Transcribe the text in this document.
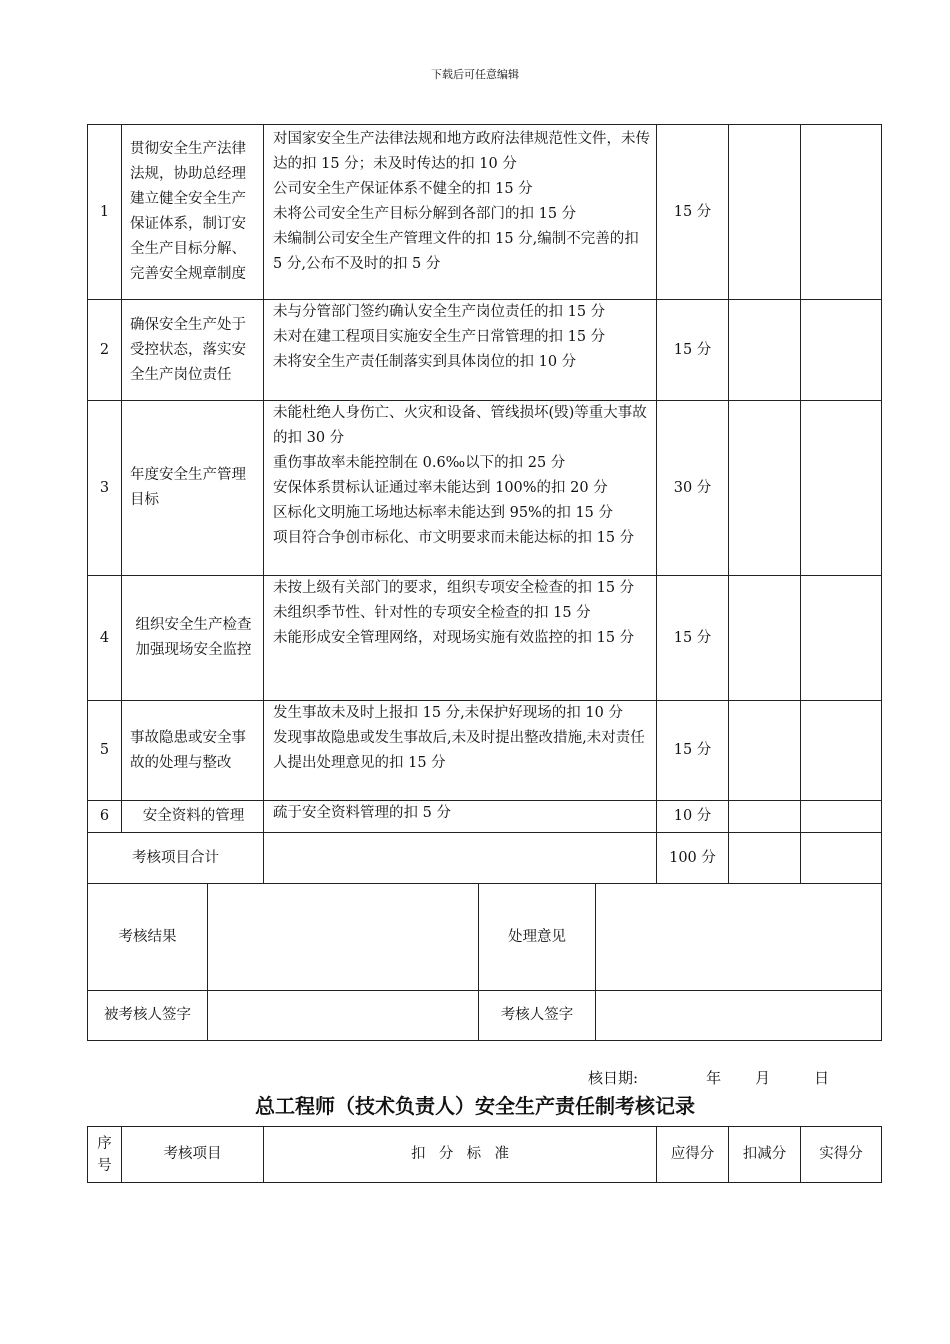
下载后可任意编辑
1	贯彻安全生产法律法规，协助总经理建立健全安全生产保证体系，制订安全生产目标分解、完善安全规章制度	对国家安全生产法律法规和地方政府法律规范性文件，未传达的扣 15 分；未及时传达的扣 10 分
公司安全生产保证体系不健全的扣 15 分
未将公司安全生产目标分解到各部门的扣 15 分
未编制公司安全生产管理文件的扣 15 分,编制不完善的扣 5 分,公布不及时的扣 5 分	15 分		
2	确保安全生产处于受控状态，落实安全生产岗位责任	未与分管部门签约确认安全生产岗位责任的扣 15 分
未对在建工程项目实施安全生产日常管理的扣 15 分
未将安全生产责任制落实到具体岗位的扣 10 分	15 分		
3	年度安全生产管理目标	未能杜绝人身伤亡、火灾和设备、管线损坏(毁)等重大事故的扣 30 分
重伤事故率未能控制在 0.6‰以下的扣 25 分
安保体系贯标认证通过率未能达到 100%的扣 20 分
区标化文明施工场地达标率未能达到 95%的扣 15 分
项目符合争创市标化、市文明要求而未能达标的扣 15 分	30 分		
4	组织安全生产检查加强现场安全监控	未按上级有关部门的要求，组织专项安全检查的扣 15 分
未组织季节性、针对性的专项安全检查的扣 15 分
未能形成安全管理网络，对现场实施有效监控的扣 15 分	15 分		
5	事故隐患或安全事故的处理与整改	发生事故未及时上报扣 15 分,未保护好现场的扣 10 分
发现事故隐患或发生事故后,未及时提出整改措施,未对责任人提出处理意见的扣 15 分	15 分		
6	安全资料的管理	疏于安全资料管理的扣 5 分	10 分		
考核项目合计			100 分		
考核结果		处理意见	
被考核人签字		考核人签字	
核日期:	年 月	日
总工程师（技术负责人）安全生产责任制考核记录
序号	考核项目	扣 分 标 准	应得分	扣减分	实得分
